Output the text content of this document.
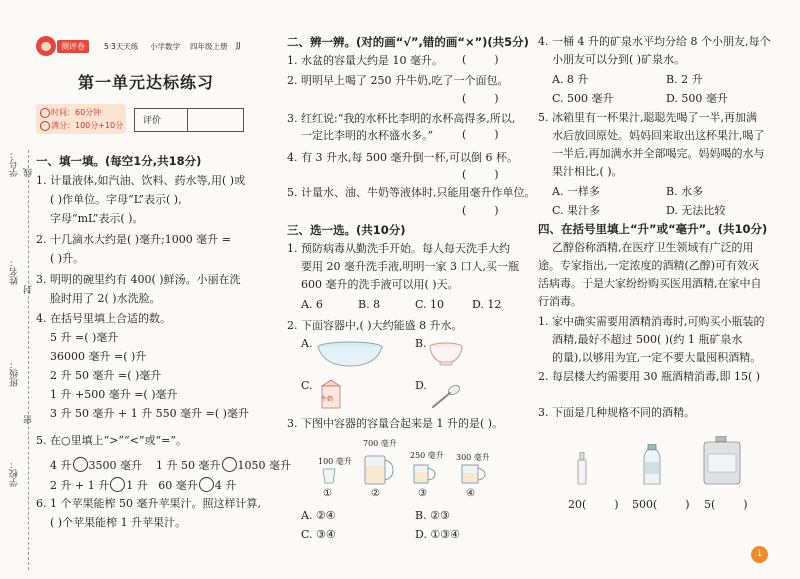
学号： 线
姓名：
封
班级：
密
学校：
测评卷	5·3天天练 小学数学 四年级上册 JJ
第一单元达标练习
时间：60分钟
满分：100分+10分 评价
一、填一填。(每空1分,共18分)
1. 计量液体,如汽油、饮料、药水等,用( )或
( )作单位。字母“L”表示( ),
字母“mL”表示( )。
2. 十几滴水大约是( )毫升;1000 毫升 =
( )升。
3. 明明的碗里约有 400( )鲜汤。小丽在洗
脸时用了 2( )水洗脸。
4. 在括号里填上合适的数。
5 升 =( )毫升
36000 毫升 =( )升
2 升 50 毫升 =( )毫升
1 升 +500 毫升 =( )毫升
3 升 50 毫升 + 1 升 550 毫升 =( )毫升
5. 在○里填上“>”“<”或“=”。
4 升 3500 毫升 1 升 50 毫升 1050 毫升
2 升 + 1 升 1 升 60 毫升 4 升
6. 1 个苹果能榨 50 毫升苹果汁。照这样计算,
( )个苹果能榨 1 升苹果汁。
二、辨一辨。(对的画“√”,错的画“×”)(共5分)
1. 水盆的容量大约是 10 毫升。 (        )
2. 明明早上喝了 250 升牛奶,吃了一个面包。
(        )
3. 红红说:“我的水杯比李明的水杯高得多,所以,
一定比李明的水杯盛水多。”	(        )
4. 有 3 升水,每 500 毫升倒一杯,可以倒 6 杯。
(        )
5. 计量水、油、牛奶等液体时,只能用毫升作单位。
(        )
三、选一选。(共10分)
1. 预防病毒从勤洗手开始。每人每天洗手大约
要用 20 毫升洗手液,明明一家 3 口人,买一瓶
600 毫升的洗手液可以用( )天。
A. 6	B. 8	C. 10	D. 12
2. 下面容器中,( )大约能盛 8 升水。
A.	B.
C.	D.
牛奶
3. 下图中容器的容量合起来是 1 升的是( )。
100 毫升
700 毫升
250 毫升 300 毫升
①	②	③	④
A. ②④	B. ②③
C. ③④	D. ①③④
4. 一桶 4 升的矿泉水平均分给 8 个小朋友,每个
小朋友可以分到( )矿泉水。
A. 8 升	B. 2 升
C. 500 毫升	D. 500 毫升
5. 冰箱里有一杯果汁,聪聪先喝了一半,再加满
水后放回原处。妈妈回来取出这杯果汁,喝了
一半后,再加满水并全部喝完。妈妈喝的水与
果汁相比,( )。
A. 一样多	B. 水多
C. 果汁多	D. 无法比较
四、在括号里填上“升”或“毫升”。(共10分)
乙醇俗称酒精,在医疗卫生领域有广泛的用
途。专家指出,一定浓度的酒精(乙醇)可有效灭
活病毒。于是大家纷纷购买医用酒精,在家中自
行消毒。
1. 家中确实需要用酒精消毒时,可购买小瓶装的
酒精,最好不超过 500( )(约 1 瓶矿泉水
的量),以够用为宜,一定不要大量囤积酒精。
2. 每层楼大约需要用 30 瓶酒精消毒,即 15( )
3. 下面是几种规格不同的酒精。
20(        ) 500(        ) 5(        )
1
